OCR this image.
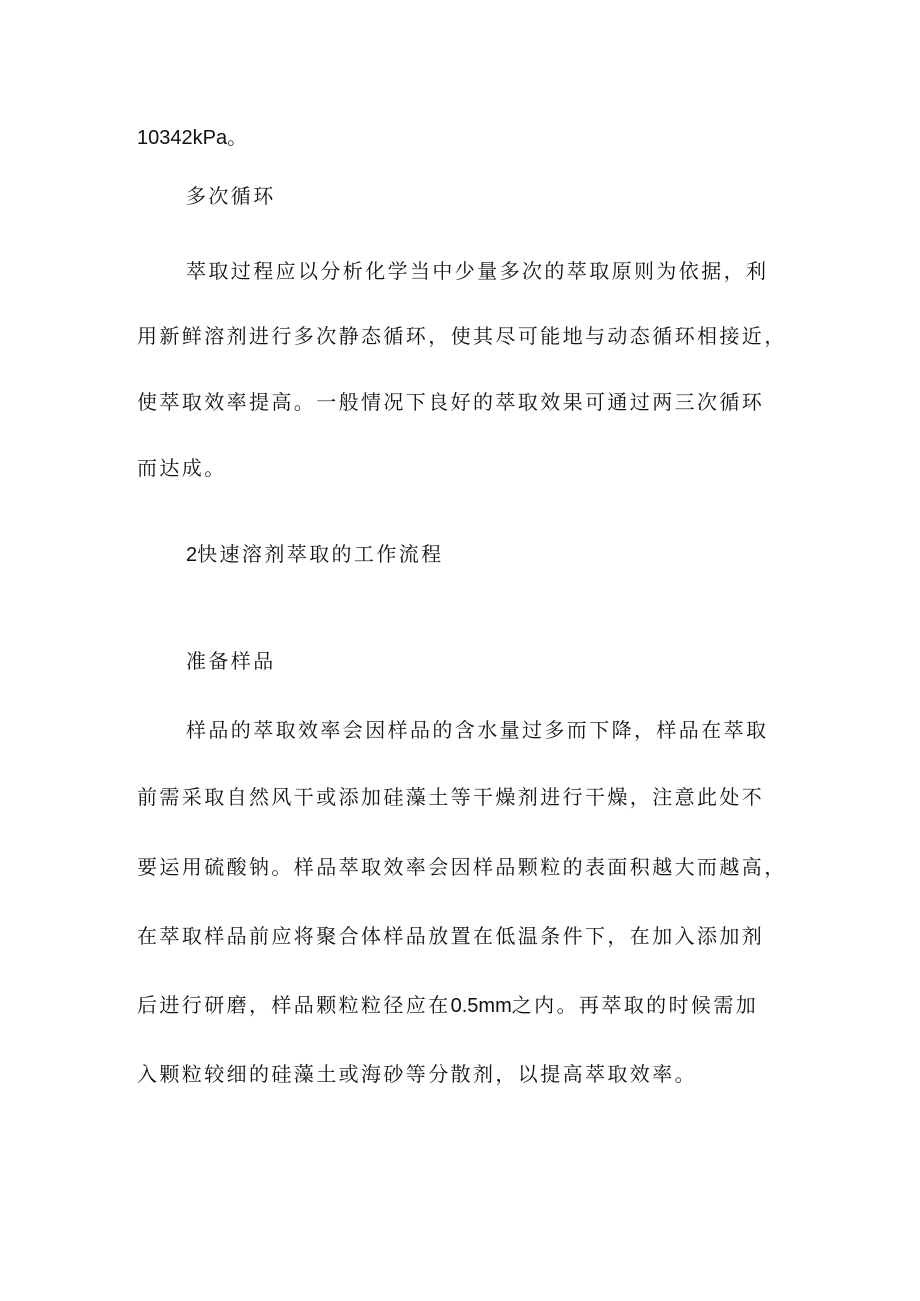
10342kPa。
多次循环
萃取过程应以分析化学当中少量多次的萃取原则为依据，利
用新鲜溶剂进行多次静态循环，使其尽可能地与动态循环相接近，
使萃取效率提高。一般情况下良好的萃取效果可通过两三次循环
而达成。
2快速溶剂萃取的工作流程
准备样品
样品的萃取效率会因样品的含水量过多而下降，样品在萃取
前需采取自然风干或添加硅藻土等干燥剂进行干燥，注意此处不
要运用硫酸钠。样品萃取效率会因样品颗粒的表面积越大而越高，
在萃取样品前应将聚合体样品放置在低温条件下，在加入添加剂
后进行研磨，样品颗粒粒径应在0.5mm之内。再萃取的时候需加
入颗粒较细的硅藻土或海砂等分散剂，以提高萃取效率。
